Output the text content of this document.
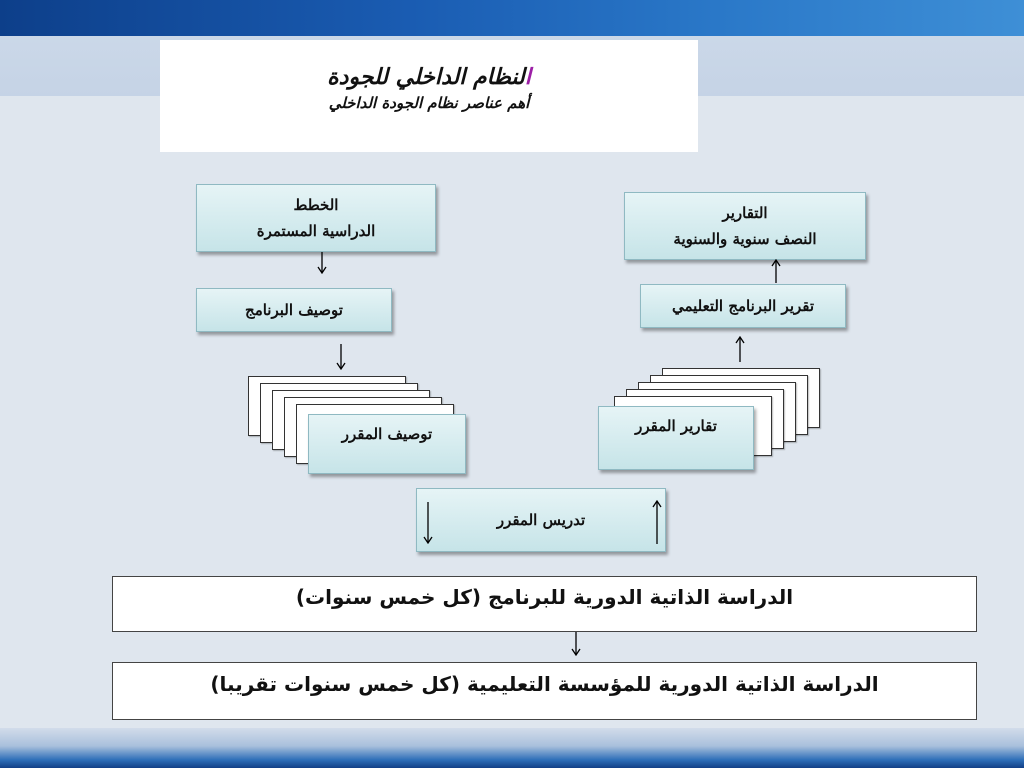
النظام الداخلي للجودة
أهم عناصر نظام الجودة الداخلي
الخطط
الدراسية المستمرة
توصيف البرنامج
توصيف المقرر
التقارير
النصف سنوية والسنوية
تقرير البرنامج التعليمي
تقارير المقرر
تدريس المقرر
الدراسة الذاتية الدورية للبرنامج (كل خمس سنوات)
الدراسة الذاتية الدورية للمؤسسة التعليمية (كل خمس سنوات تقريبا)
